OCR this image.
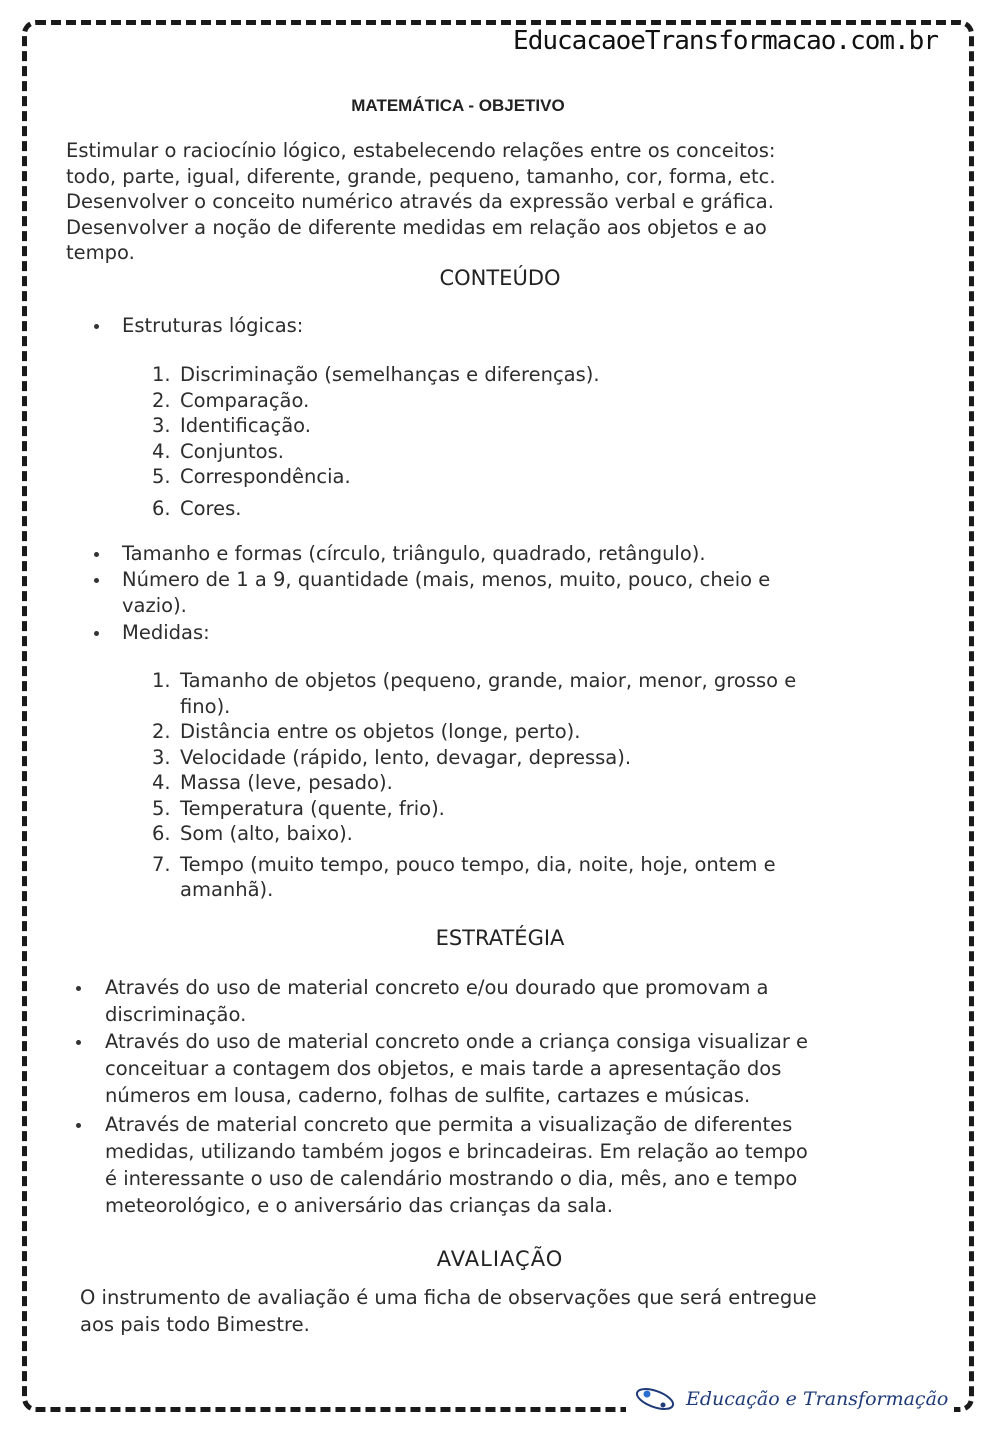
EducacaoeTransformacao.com.br

MATEMÁTICA - OBJETIVO
Estimular o raciocínio lógico, estabelecendo relações entre os conceitos:
todo, parte, igual, diferente, grande, pequeno, tamanho, cor, forma, etc.
Desenvolver o conceito numérico através da expressão verbal e gráfica.
Desenvolver a noção de diferente medidas em relação aos objetos e ao
tempo.
CONTEÚDO
Estruturas lógicas:
1. Discriminação (semelhanças e diferenças).
2. Comparação.
3. Identificação.
4. Conjuntos.
5. Correspondência.
6. Cores.
Tamanho e formas (círculo, triângulo, quadrado, retângulo).
Número de 1 a 9, quantidade (mais, menos, muito, pouco, cheio e
vazio).
Medidas:
1. Tamanho de objetos (pequeno, grande, maior, menor, grosso e
fino).
2. Distância entre os objetos (longe, perto).
3. Velocidade (rápido, lento, devagar, depressa).
4. Massa (leve, pesado).
5. Temperatura (quente, frio).
6. Som (alto, baixo).
7. Tempo (muito tempo, pouco tempo, dia, noite, hoje, ontem e
amanhã).
ESTRATÉGIA
Através do uso de material concreto e/ou dourado que promovam a
discriminação.
Através do uso de material concreto onde a criança consiga visualizar e
conceituar a contagem dos objetos, e mais tarde a apresentação dos
números em lousa, caderno, folhas de sulfite, cartazes e músicas.
Através de material concreto que permita a visualização de diferentes
medidas, utilizando também jogos e brincadeiras. Em relação ao tempo
é interessante o uso de calendário mostrando o dia, mês, ano e tempo
meteorológico, e o aniversário das crianças da sala.
AVALIAÇÃO
O instrumento de avaliação é uma ficha de observações que será entregue
aos pais todo Bimestre.
Educação e Transformação
